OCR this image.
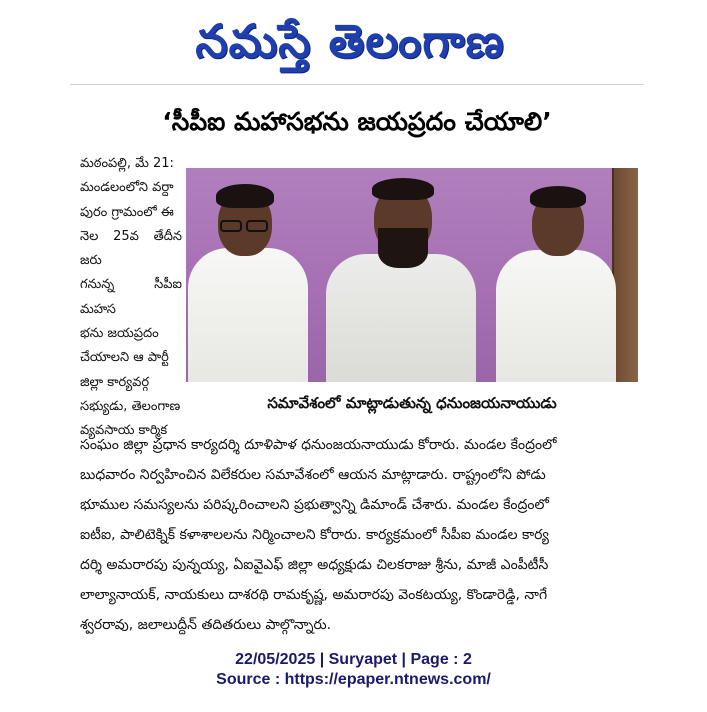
నమస్తే తెలంగాణ
‘సీపీఐ మహాసభను జయప్రదం చేయాలి’

మఠంపల్లి, మే 21:

మండలంలోని వర్దా

పురం గ్రామంలో ఈ

నెల 25వ తేదీన జరు

గనున్న సీపీఐ మహస

భను జయప్రదం

చేయాలని ఆ పార్టీ

జిల్లా కార్యవర్గ

సభ్యుడు, తెలంగాణ

వ్యవసాయ కార్మిక

సమావేశంలో మాట్లాడుతున్న ధనుంజయనాయుడు

సంఘం జిల్లా ప్రధాన కార్యదర్శి దూళిపాళ ధనుంజయనాయుడు కోరారు. మండల కేంద్రంలో

బుధవారం నిర్వహించిన విలేకరుల సమావేశంలో ఆయన మాట్లాడారు. రాష్ట్రంలోని పోడు

భూముల సమస్యలను పరిష్కరించాలని ప్రభుత్వాన్ని డిమాండ్ చేశారు. మండల కేంద్రంలో

ఐటీఐ, పాలిటెక్నిక్ కళాశాలలను నిర్మించాలని కోరారు. కార్యక్రమంలో సీపీఐ మండల కార్య

దర్శి అమరారపు పున్నయ్య, ఏఐవైఎఫ్ జిల్లా అధ్యక్షుడు చిలకరాజు శ్రీను, మాజీ ఎంపీటీసీ

లాల్యానాయక్, నాయకులు దాశరథి రామకృష్ణ, అమరారపు వెంకటయ్య, కొండారెడ్డి, నాగే

శ్వరరావు, జలాలుద్దీన్ తదితరులు పాల్గొన్నారు.

22/05/2025 | Suryapet | Page : 2
Source : https://epaper.ntnews.com/
